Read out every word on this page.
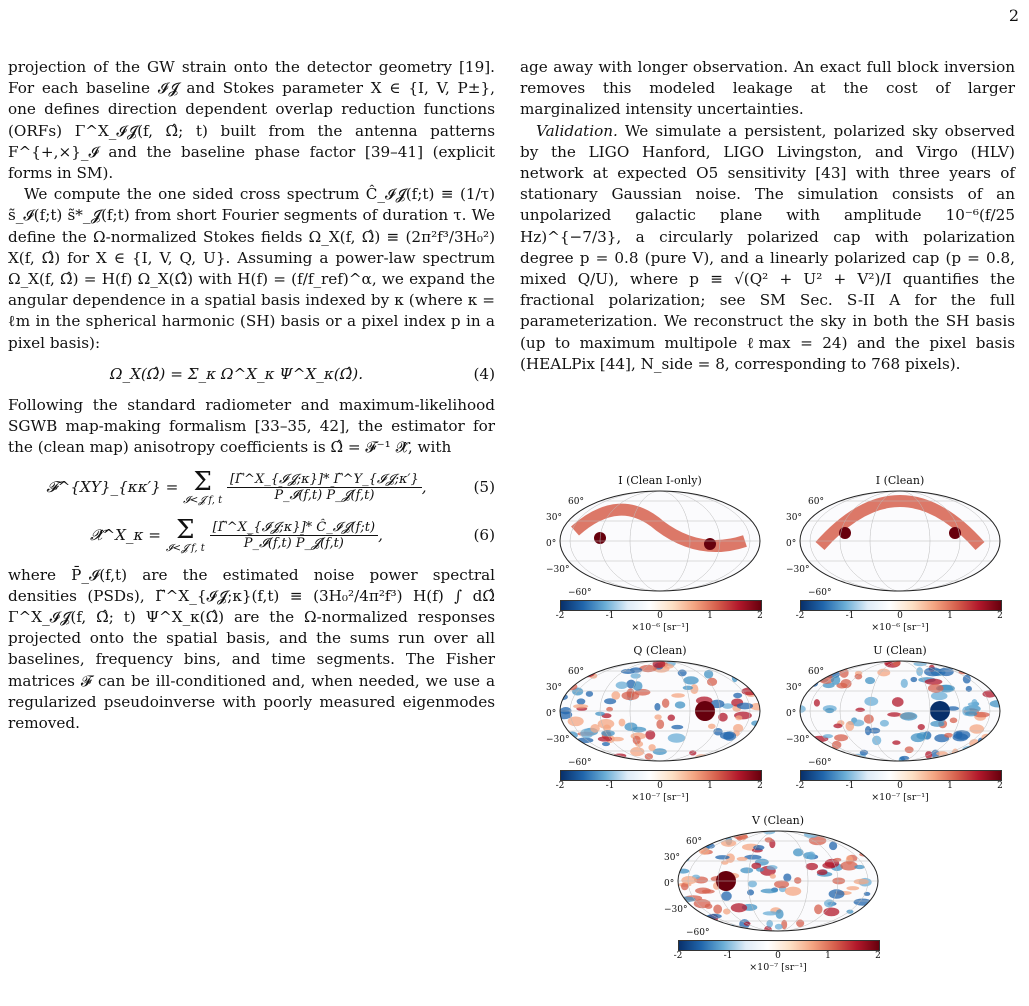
2

projection of the GW strain onto the detector geometry [19]. For each baseline 𝓘𝓙 and Stokes parameter X ∈ {I, V, P±}, one defines direction dependent overlap reduction functions (ORFs) Γ^X_𝓘𝓙(f, Ω̂; t) built from the antenna patterns F^{+,×}_𝓘 and the baseline phase factor [39–41] (explicit forms in SM).

We compute the one sided cross spectrum Ĉ_𝓘𝓙(f;t) ≡ (1/τ) s̃_𝓘(f;t) s̃*_𝓙(f;t) from short Fourier segments of duration τ. We define the Ω-normalized Stokes fields Ω_X(f, Ω̂) ≡ (2π²f³/3H₀²) X(f, Ω̂) for X ∈ {I, V, Q, U}. Assuming a power-law spectrum Ω_X(f, Ω̂) = H(f) Ω_X(Ω̂) with H(f) = (f/f_ref)^α, we expand the angular dependence in a spatial basis indexed by κ (where κ = ℓm in the spherical harmonic (SH) basis or a pixel index p in a pixel basis):

Ω_X(Ω̂) = Σ_κ Ω^X_κ Ψ^X_κ(Ω̂).	(4)

Following the standard radiometer and maximum-likelihood SGWB map-making formalism [33–35, 42], the estimator for the (clean map) anisotropy coefficients is Ω̂ = 𝓕⁻¹ 𝓧̂, with

𝓕^{XY}_{κκ′} = Σ
𝓘<𝓙 f, t
$\frac{\text{[Γ̃\textasciicircum{}X\_\{𝓘𝓙;κ\}]* Γ̃\textasciicircum{}Y\_\{𝓘𝓙;κ′\}}}{\text{P̄\_𝓘(f,t) P̄\_𝓙(f,t)}}$ ,	(5)
𝓧̂^X_κ = Σ
𝓘<𝓙 f, t
$\frac{\text{[Γ̃\textasciicircum{}X\_\{𝓘𝓙;κ\}]* Ĉ\_𝓘𝓙(f;t)}}{\text{P̄\_𝓘(f,t) P̄\_𝓙(f,t)}}$ ,	(6)

where P̄_𝓘(f,t) are the estimated noise power spectral densities (PSDs), Γ̃^X_{𝓘𝓙;κ}(f,t) ≡ (3H₀²/4π²f³) H(f) ∫ dΩ̂ Γ^X_𝓘𝓙(f, Ω̂; t) Ψ^X_κ(Ω̂) are the Ω-normalized responses projected onto the spatial basis, and the sums run over all baselines, frequency bins, and time segments. The Fisher matrices 𝓕 can be ill-conditioned and, when needed, we use a regularized pseudoinverse with poorly measured eigenmodes removed.

age away with longer observation. An exact full block inversion removes this modeled leakage at the cost of larger marginalized intensity uncertainties.

Validation. We simulate a persistent, polarized sky observed by the LIGO Hanford, LIGO Livingston, and Virgo (HLV) network at expected O5 sensitivity [43] with three years of stationary Gaussian noise. The simulation consists of an unpolarized galactic plane with amplitude 10⁻⁶(f/25 Hz)^{−7/3}, a circularly polarized cap with polarization degree p = 0.8 (pure V), and a linearly polarized cap (p = 0.8, mixed Q/U), where p ≡ √(Q² + U² + V²)/I quantifies the fractional polarization; see SM Sec. S-II A for the full parameterization. We reconstruct the sky in both the SH basis (up to maximum multipole ℓmax = 24) and the pixel basis (HEALPix [44], N_side = 8, corresponding to 768 pixels).

I (Clean I-only)
60°
30°
0°
−30°
−60°
-2	-1	0	1	2
×10⁻⁶ [sr⁻¹]
I (Clean)
60°
30°
0°
−30°
−60°
-2	-1	0	1	2
×10⁻⁶ [sr⁻¹]
Q (Clean)
60°
30°
0°
−30°
−60°
-2	-1	0	1	2
×10⁻⁷ [sr⁻¹]
U (Clean)
60°
30°
0°
−30°
−60°
-2	-1	0	1	2
×10⁻⁷ [sr⁻¹]
V (Clean)
60°
30°
0°
−30°
−60°
-2	-1	0	1	2
×10⁻⁷ [sr⁻¹]
